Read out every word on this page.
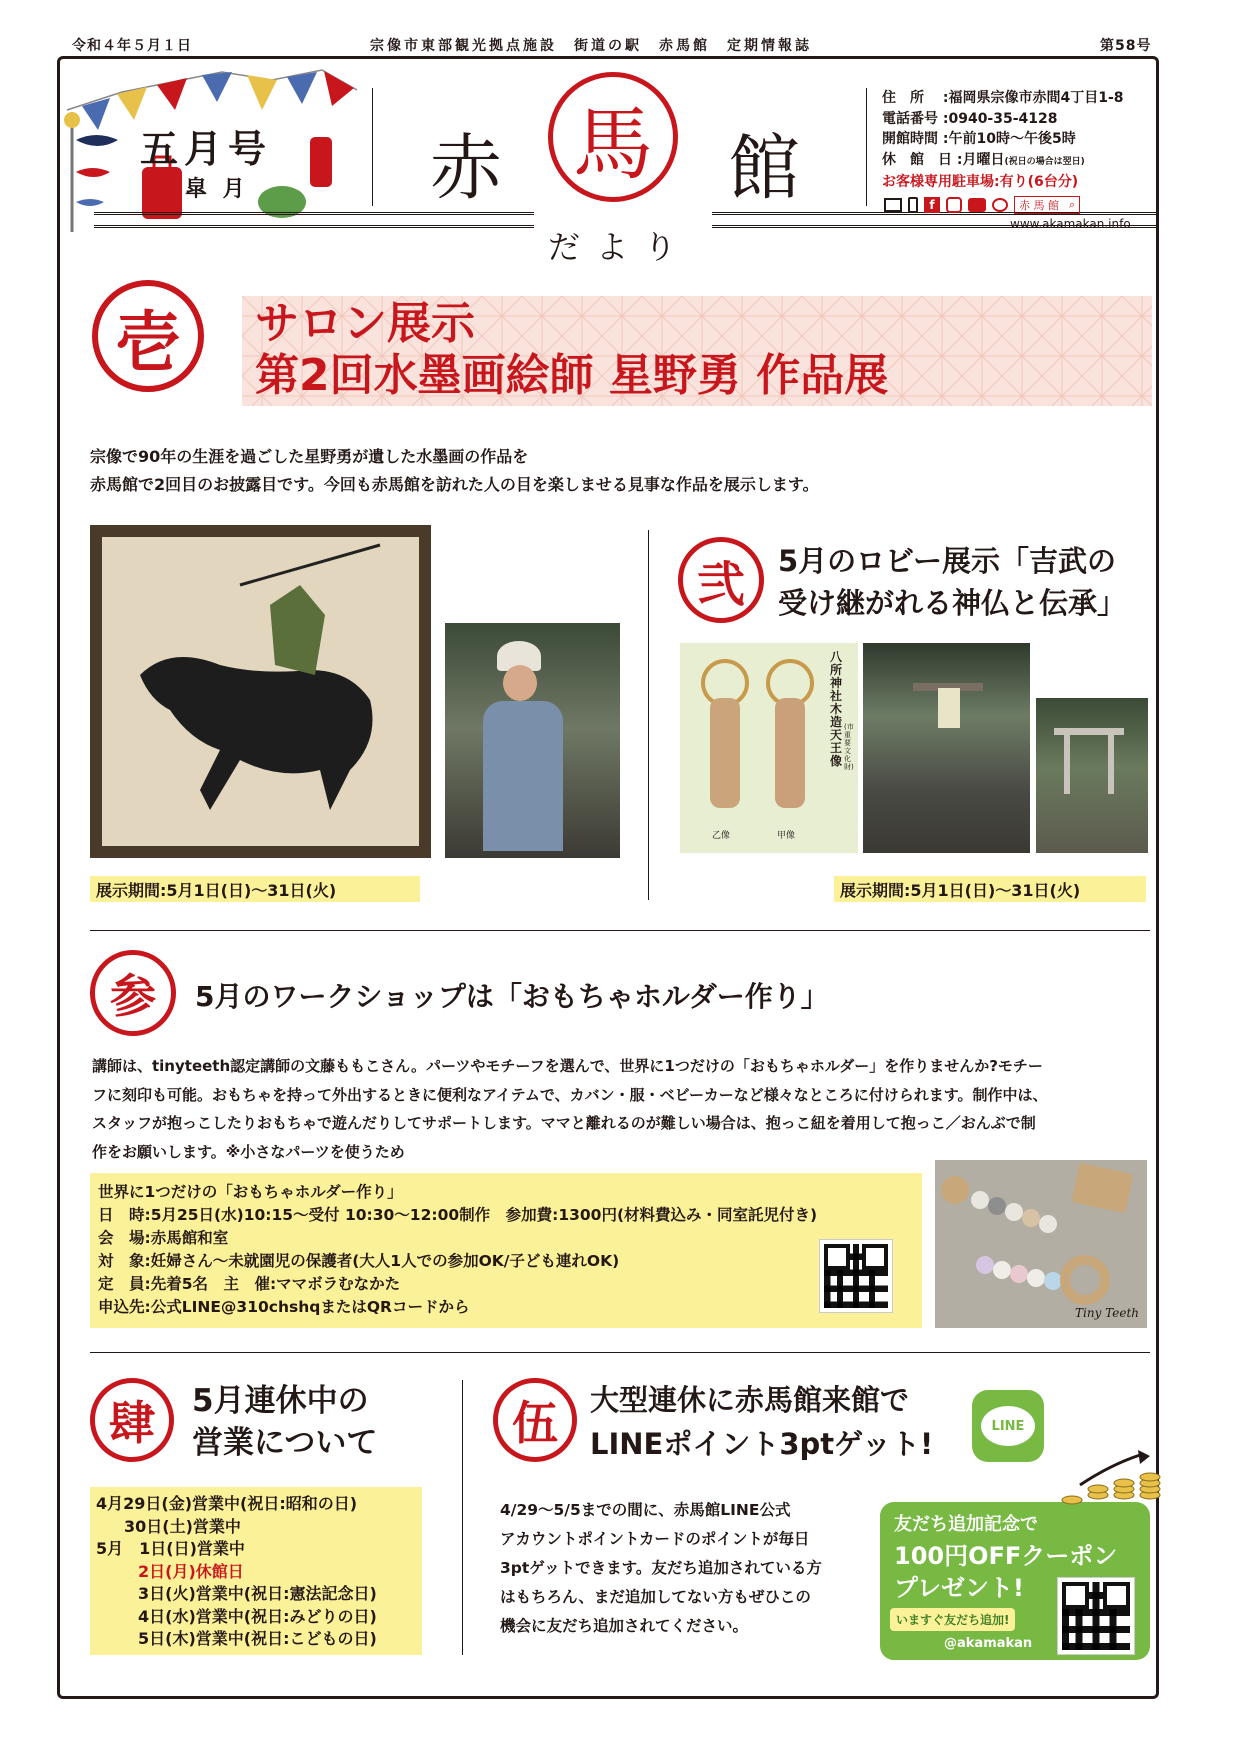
令和４年５月１日	宗像市東部観光拠点施設　街道の駅　赤馬館　定期情報誌	第58号
五月号
皐 月	赤 馬	館
だより

住　所　 :福岡県宗像市赤間4丁目1-8

電話番号 :0940-35-4128

開館時間 :午前10時～午後5時

休　館　日 :月曜日(祝日の場合は翌日)

お客様専用駐車場:有り(6台分)

f	赤 馬 館 ⌕
www.akamakan.info
壱	サロン展示
第2回水墨画絵師 星野勇 作品展
宗像で90年の生涯を過ごした星野勇が遺した水墨画の作品を
赤馬館で2回目のお披露目です。今回も赤馬館を訪れた人の目を楽しませる見事な作品を展示します。
展示期間:5月1日(日)～31日(火)
弐	5月のロビー展示「吉武の
受け継がれる神仏と伝承」
乙像	甲像
八所神社木造天王像
(市重要文化財)
展示期間:5月1日(日)～31日(火)
参	5月のワークショップは「おもちゃホルダー作り」
講師は、tinyteeth認定講師の文藤ももこさん。パーツやモチーフを選んで、世界に1つだけの「おもちゃホルダー」を作りませんか?モチー
フに刻印も可能。おもちゃを持って外出するときに便利なアイテムで、カバン・服・ベビーカーなど様々なところに付けられます。制作中は、
スタッフが抱っこしたりおもちゃで遊んだりしてサポートします。ママと離れるのが難しい場合は、抱っこ紐を着用して抱っこ／おんぶで制
作をお願いします。※小さなパーツを使うため
世界に1つだけの「おもちゃホルダー作り」
日　時:5月25日(水)10:15～受付 10:30～12:00制作　参加費:1300円(材料費込み・同室託児付き)
会　場:赤馬館和室
対　象:妊婦さん～未就園児の保護者(大人1人での参加OK/子ども連れOK)
定　員:先着5名　主　催:ママボラむなかた
申込先:公式LINE@310chshqまたはQRコードから	Tiny Teeth
肆	5月連休中の
営業について
4月29日(金)営業中(祝日:昭和の日)
30日(土)営業中
5月　1日(日)営業中
2日(月)休館日
3日(火)営業中(祝日:憲法記念日)
4日(水)営業中(祝日:みどりの日)
5日(木)営業中(祝日:こどもの日)
伍	大型連休に赤馬館来館で
LINEポイント3ptゲット!
LINE
4/29～5/5までの間に、赤馬館LINE公式
アカウントポイントカードのポイントが毎日
3ptゲットできます。友だち追加されている方
はもちろん、まだ追加してない方もぜひこの
機会に友だち追加されてください。
友だち追加記念で
100円OFFクーポン
プレゼント!
いますぐ友だち追加!
@akamakan
